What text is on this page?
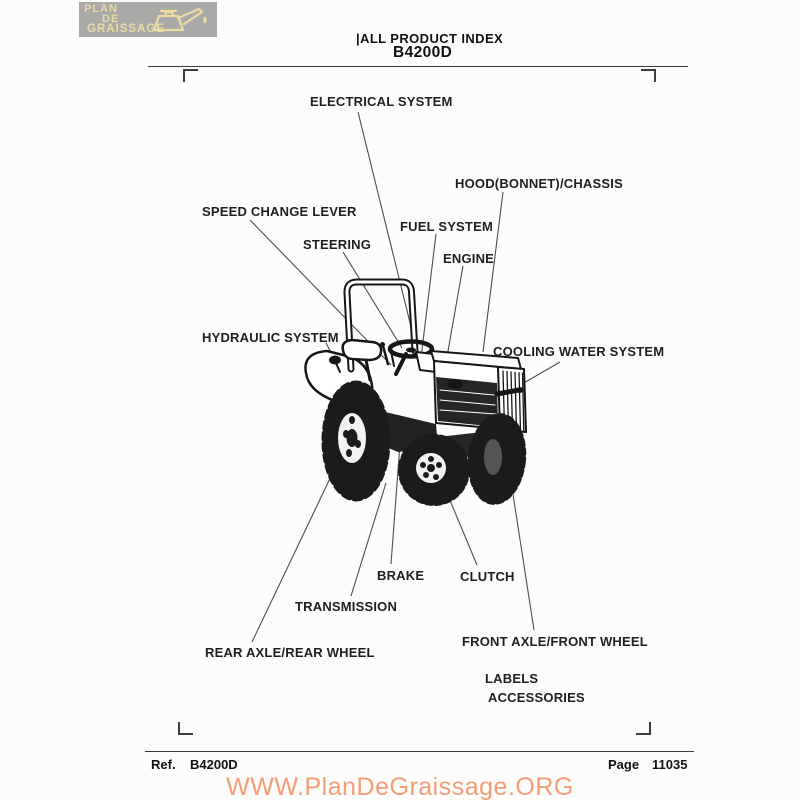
PLAN
DE
GRAISSAGE
|ALL PRODUCT INDEX
B4200D
ELECTRICAL SYSTEM
HOOD(BONNET)/CHASSIS
SPEED CHANGE LEVER
FUEL SYSTEM
STEERING
ENGINE
HYDRAULIC SYSTEM
COOLING WATER SYSTEM
BRAKE	CLUTCH
TRANSMISSION
REAR AXLE/REAR WHEEL
FRONT AXLE/FRONT WHEEL
LABELS
ACCESSORIES
Ref. B4200D	Page 11035
WWW.PlanDeGraissage.ORG
